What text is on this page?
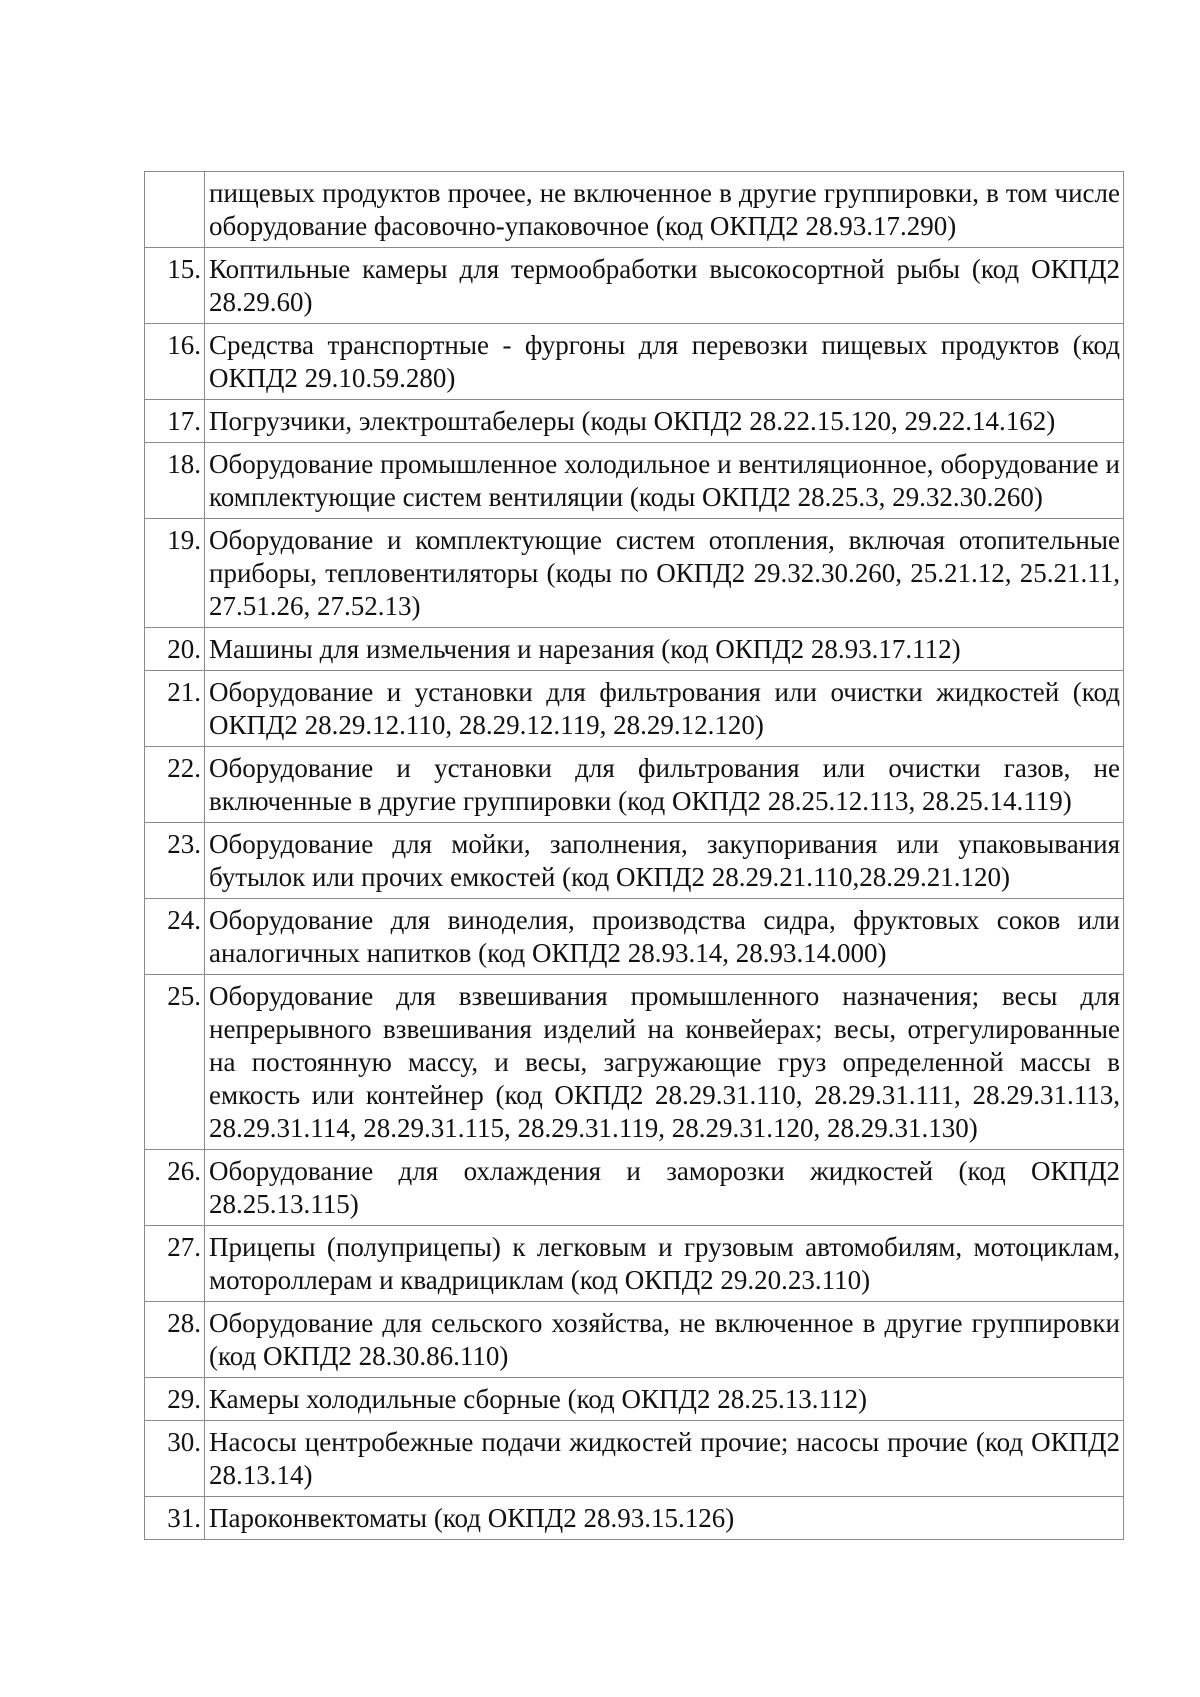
	пищевых продуктов прочее, не включенное в другие группировки, в том числе оборудование фасовочно-упаковочное (код ОКПД2 28.93.17.290)
15.	Коптильные камеры для термообработки высокосортной рыбы (код ОКПД2 28.29.60)
16.	Средства транспортные - фургоны для перевозки пищевых продуктов (код ОКПД2 29.10.59.280)
17.	Погрузчики, электроштабелеры (коды ОКПД2 28.22.15.120, 29.22.14.162)
18.	Оборудование промышленное холодильное и вентиляционное, оборудование и комплектующие систем вентиляции (коды ОКПД2 28.25.3, 29.32.30.260)
19.	Оборудование и комплектующие систем отопления, включая отопительные приборы, тепловентиляторы (коды по ОКПД2 29.32.30.260, 25.21.12, 25.21.11, 27.51.26, 27.52.13)
20.	Машины для измельчения и нарезания (код ОКПД2 28.93.17.112)
21.	Оборудование и установки для фильтрования или очистки жидкостей (код ОКПД2 28.29.12.110, 28.29.12.119, 28.29.12.120)
22.	Оборудование и установки для фильтрования или очистки газов, не включенные в другие группировки (код ОКПД2 28.25.12.113, 28.25.14.119)
23.	Оборудование для мойки, заполнения, закупоривания или упаковывания бутылок или прочих емкостей (код ОКПД2 28.29.21.110,28.29.21.120)
24.	Оборудование для виноделия, производства сидра, фруктовых соков или аналогичных напитков (код ОКПД2 28.93.14, 28.93.14.000)
25.	Оборудование для взвешивания промышленного назначения; весы для непрерывного взвешивания изделий на конвейерах; весы, отрегулированные на постоянную массу, и весы, загружающие груз определенной массы в емкость или контейнер (код ОКПД2 28.29.31.110, 28.29.31.111, 28.29.31.113, 28.29.31.114, 28.29.31.115, 28.29.31.119, 28.29.31.120, 28.29.31.130)
26.	Оборудование для охлаждения и заморозки жидкостей (код ОКПД2 28.25.13.115)
27.	Прицепы (полуприцепы) к легковым и грузовым автомобилям, мотоциклам, мотороллерам и квадрициклам (код ОКПД2 29.20.23.110)
28.	Оборудование для сельского хозяйства, не включенное в другие группировки (код ОКПД2 28.30.86.110)
29.	Камеры холодильные сборные (код ОКПД2 28.25.13.112)
30.	Насосы центробежные подачи жидкостей прочие; насосы прочие (код ОКПД2 28.13.14)
31.	Пароконвектоматы (код ОКПД2 28.93.15.126)
